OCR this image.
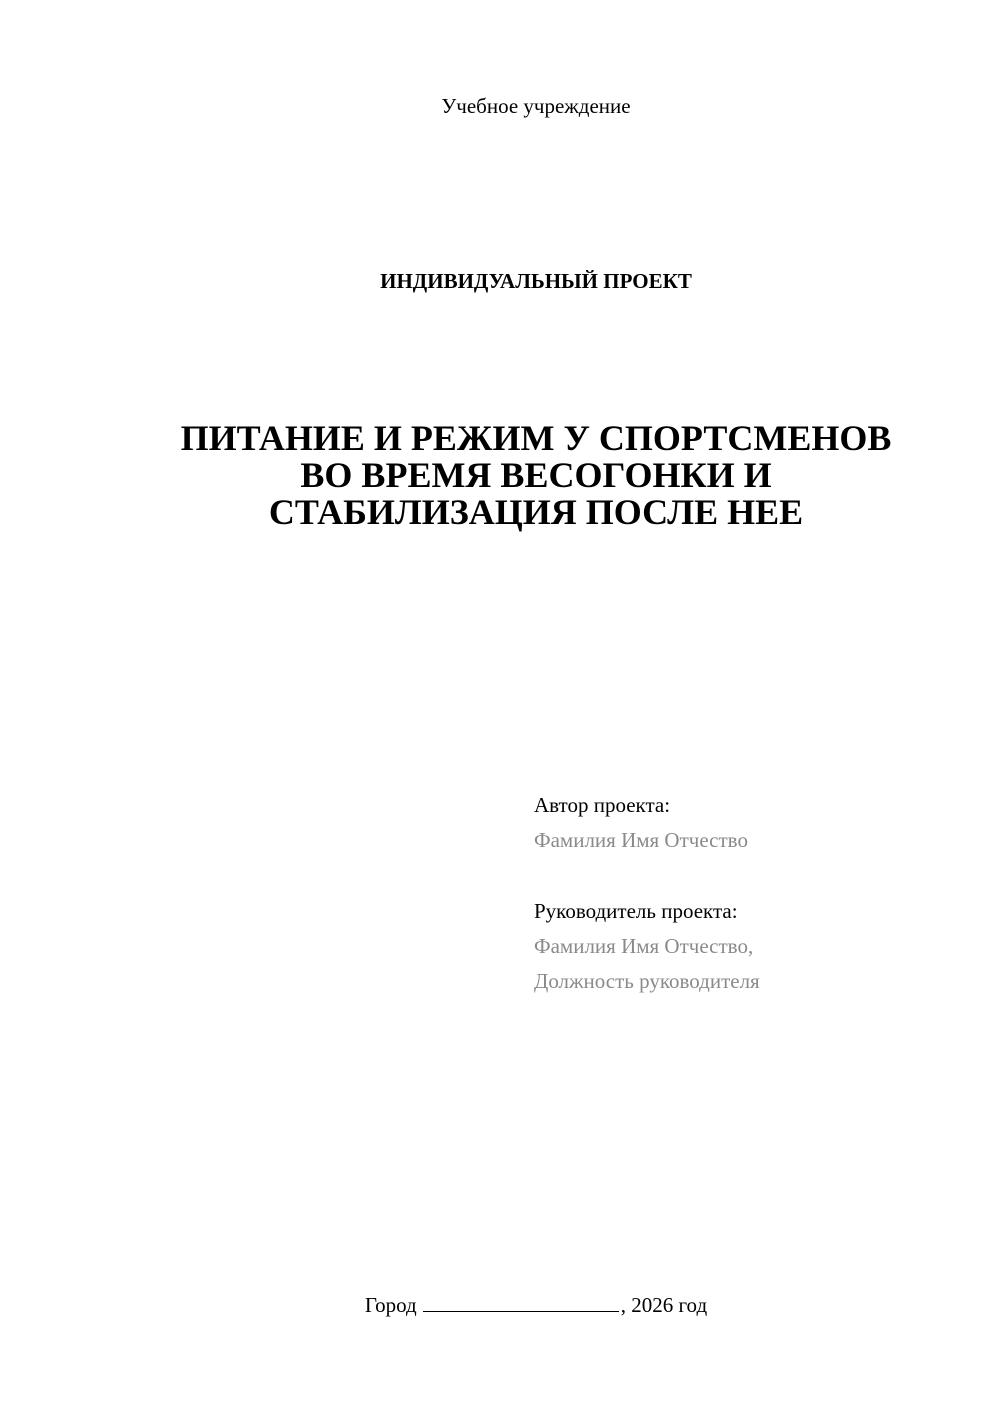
Учебное учреждение
ИНДИВИДУАЛЬНЫЙ ПРОЕКТ
ПИТАНИЕ И РЕЖИМ У СПОРТСМЕНОВ
ВО ВРЕМЯ ВЕСОГОНКИ И
СТАБИЛИЗАЦИЯ ПОСЛЕ НЕЕ
Автор проекта:
Фамилия Имя Отчество
Руководитель проекта:
Фамилия Имя Отчество,
Должность руководителя
Город	, 2026 год
